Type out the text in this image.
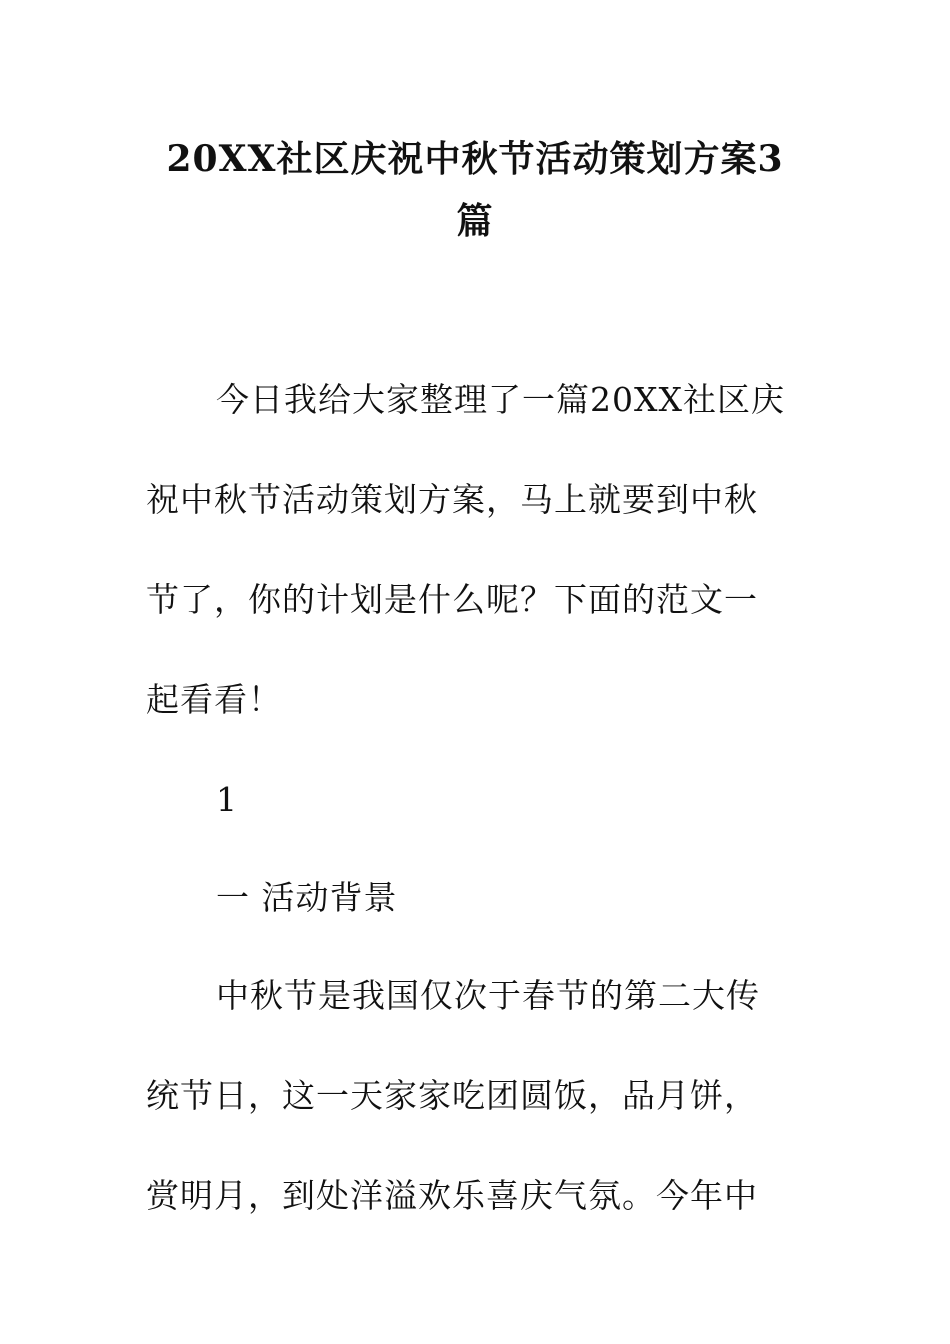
20XX社区庆祝中秋节活动策划方案3
篇
今日我给大家整理了一篇20XX社区庆
祝中秋节活动策划方案，马上就要到中秋
节了，你的计划是什么呢？下面的范文一
起看看！
1
一 活动背景
中秋节是我国仅次于春节的第二大传
统节日，这一天家家吃团圆饭，品月饼，
赏明月，到处洋溢欢乐喜庆气氛。今年中
